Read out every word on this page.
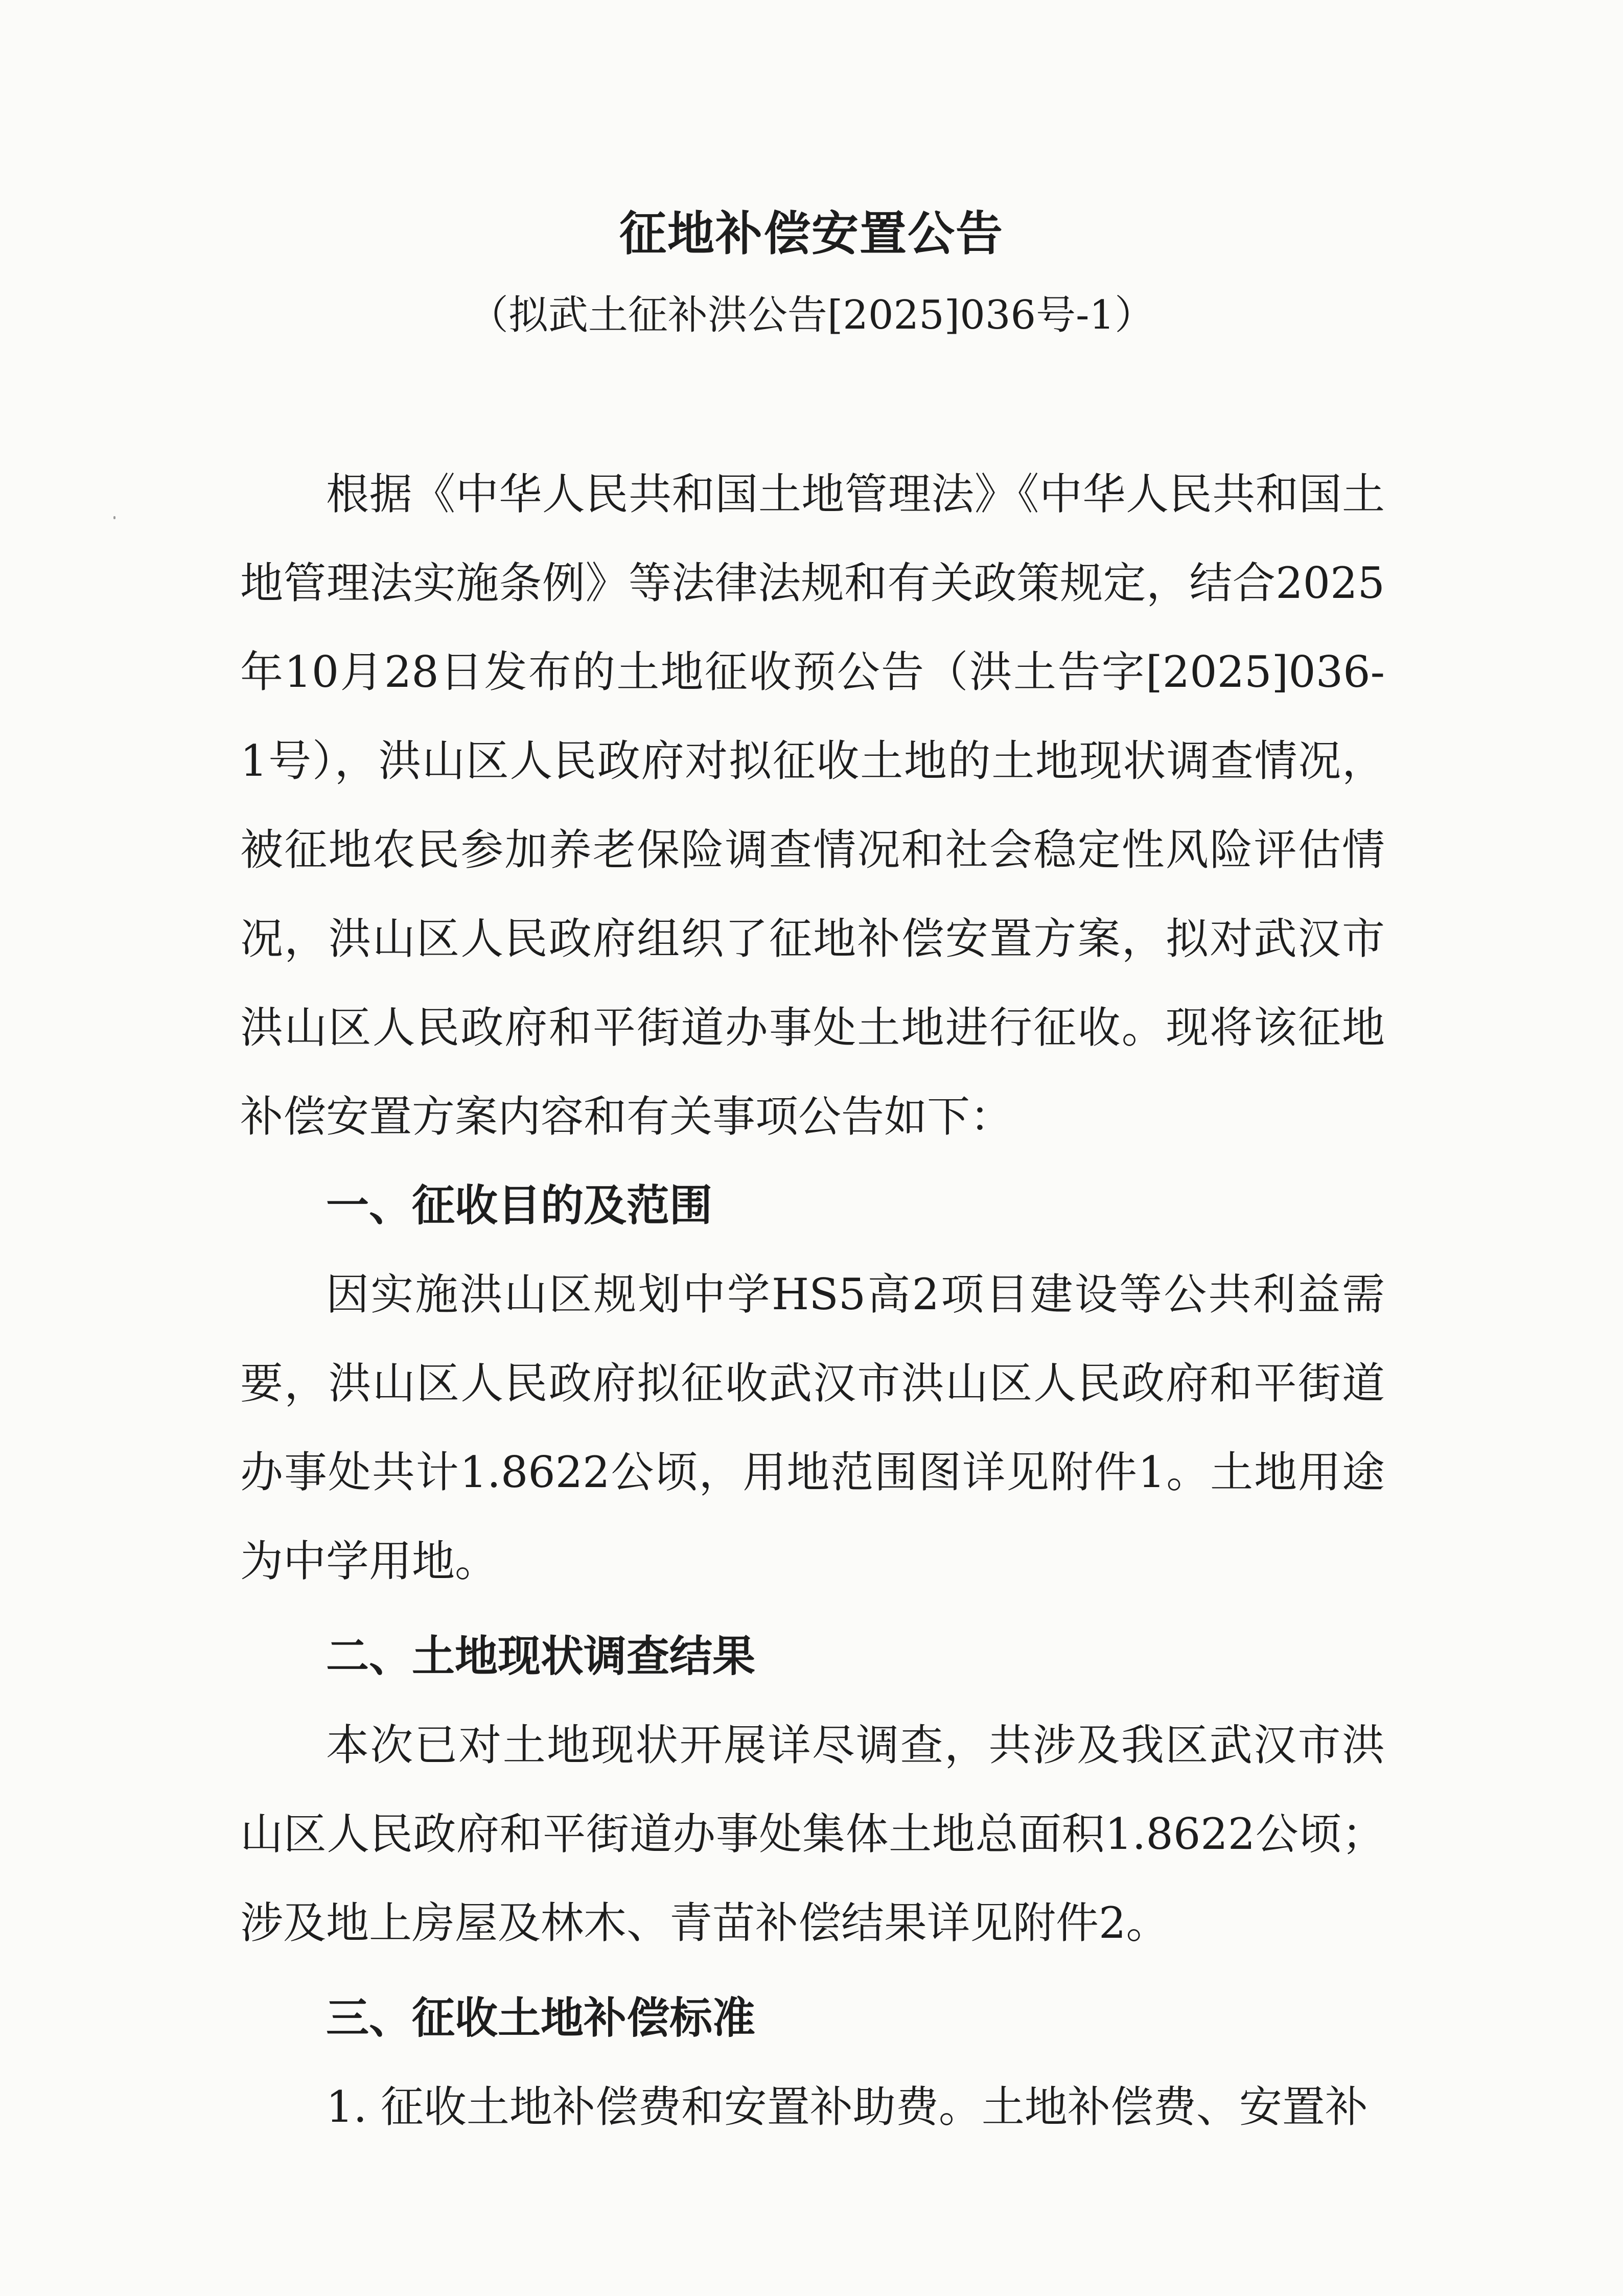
征地补偿安置公告

（拟武土征补洪公告[2025]036号-1）

根据《中华人民共和国土地管理法》《中华人民共和国土地管理法实施条例》等法律法规和有关政策规定，结合2025年10月28日发布的土地征收预公告（洪土告字[2025]036-1号），洪山区人民政府对拟征收土地的土地现状调查情况，被征地农民参加养老保险调查情况和社会稳定性风险评估情况，洪山区人民政府组织了征地补偿安置方案，拟对武汉市洪山区人民政府和平街道办事处土地进行征收。现将该征地补偿安置方案内容和有关事项公告如下：

一、征收目的及范围

因实施洪山区规划中学HS5高2项目建设等公共利益需要，洪山区人民政府拟征收武汉市洪山区人民政府和平街道办事处共计1.8622公顷，用地范围图详见附件1。土地用途为中学用地。

二、土地现状调查结果

本次已对土地现状开展详尽调查，共涉及我区武汉市洪山区人民政府和平街道办事处集体土地总面积1.8622公顷；涉及地上房屋及林木、青苗补偿结果详见附件2。

三、征收土地补偿标准

1. 征收土地补偿费和安置补助费。土地补偿费、安置补
